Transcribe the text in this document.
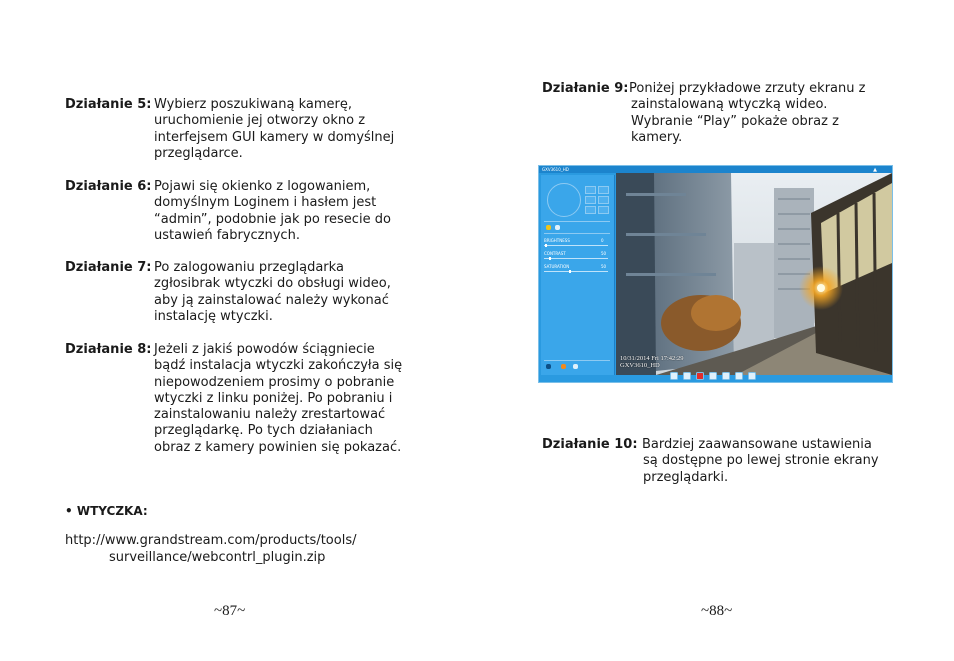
Działanie 5: Wybierz poszukiwaną kamerę,
uruchomienie jej otworzy okno z
interfejsem GUI kamery w domyślnej
przeglądarce.
Działanie 6: Pojawi się okienko z logowaniem,
domyślnym Loginem i hasłem jest
“admin”, podobnie jak po resecie do
ustawień fabrycznych.
Działanie 7: Po zalogowaniu przeglądarka
zgłosibrak wtyczki do obsługi wideo,
aby ją zainstalować należy wykonać
instalację wtyczki.
Działanie 8: Jeżeli z jakiś powodów ściągniecie
bądź instalacja wtyczki zakończyła się
niepowodzeniem prosimy o pobranie
wtyczki z linku poniżej. Po pobraniu i
zainstalowaniu należy zrestartować
przeglądarkę. Po tych działaniach
obraz z kamery powinien się pokazać.
• WTYCZKA:
http://www.grandstream.com/products/tools/
surveillance/webcontrl_plugin.zip
~87~
Działanie 9: Poniżej przykładowe zrzuty ekranu z
zainstalowaną wtyczką wideo.
Wybranie “Play” pokaże obraz z
kamery.
GXV3610_HD	▲
BRIGHTNESS	0
CONTRAST	50
SATURATION	50
10/31/2014 Fri 17:42:29
GXV3610_HD
Działanie 10: Bardziej zaawansowane ustawienia
są dostępne po lewej stronie ekrany
przeglądarki.
~88~
